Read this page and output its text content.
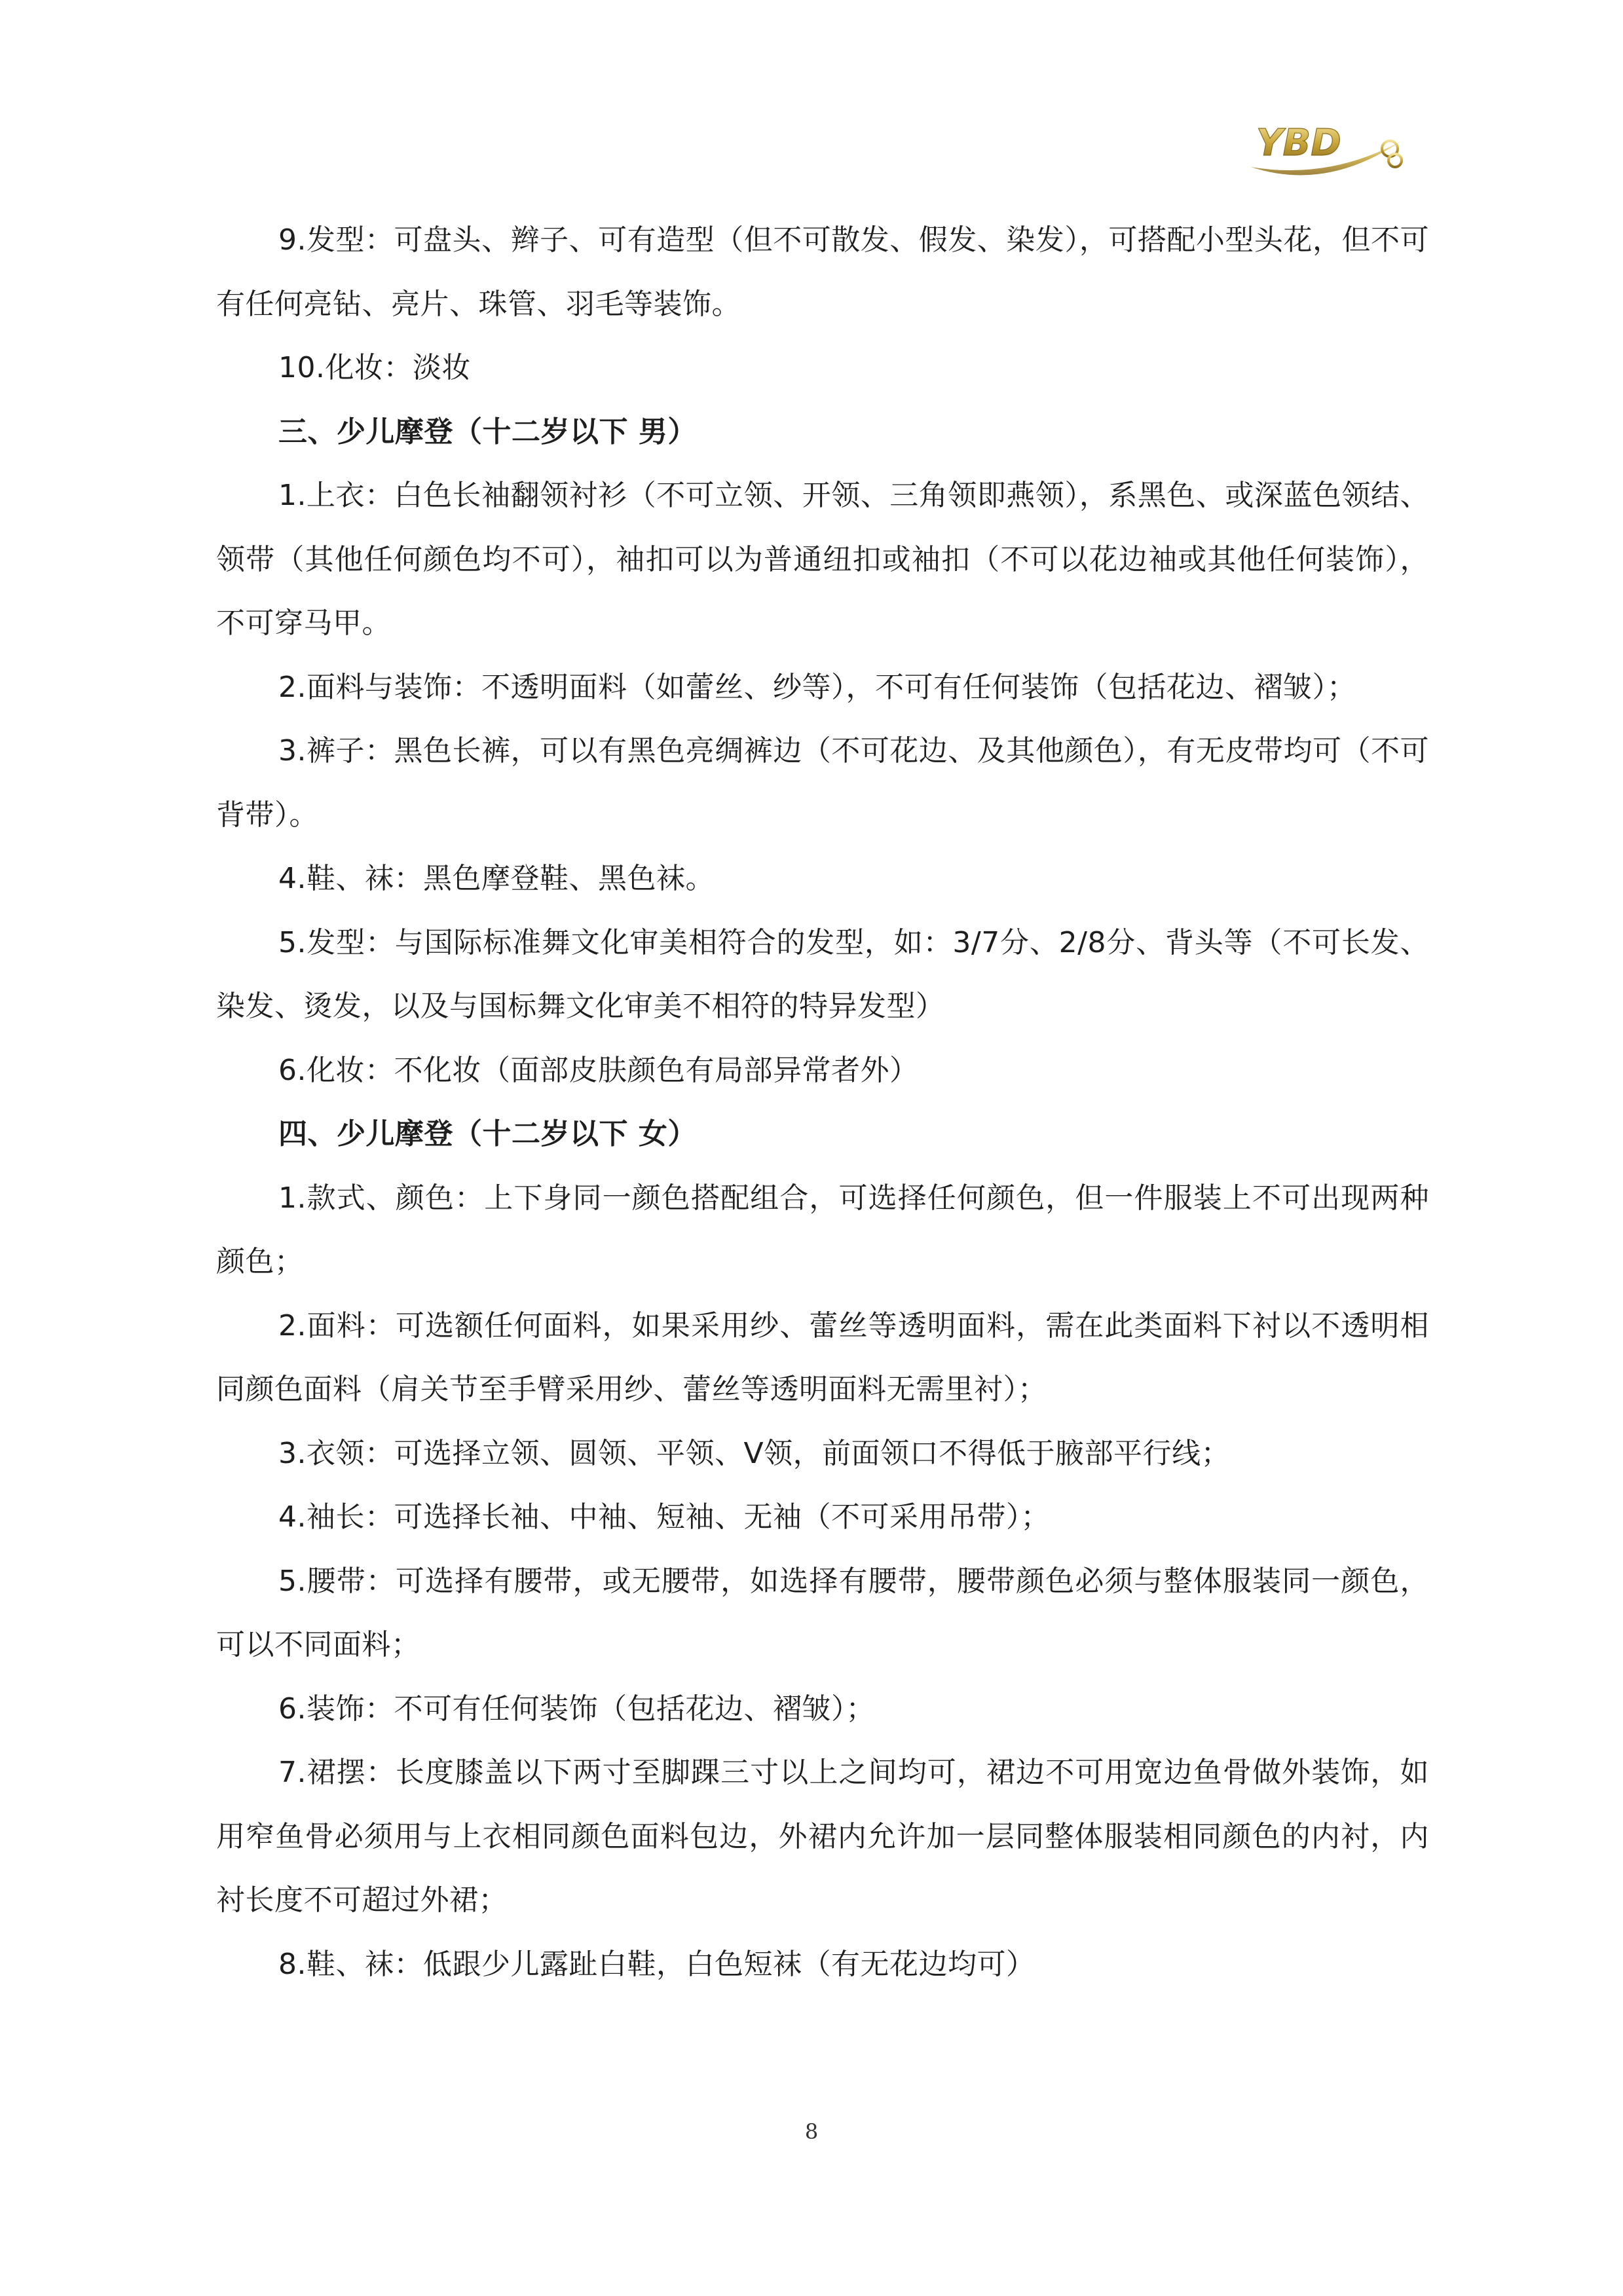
YBD

9.发型：可盘头、辫子、可有造型（但不可散发、假发、染发），可搭配小型头花，但不可有任何亮钻、亮片、珠管、羽毛等装饰。

10.化妆：淡妆

三、少儿摩登（十二岁以下 男）

1.上衣：白色长袖翻领衬衫（不可立领、开领、三角领即燕领），系黑色、或深蓝色领结、领带（其他任何颜色均不可），袖扣可以为普通纽扣或袖扣（不可以花边袖或其他任何装饰），不可穿马甲。

2.面料与装饰：不透明面料（如蕾丝、纱等），不可有任何装饰（包括花边、褶皱）；

3.裤子：黑色长裤，可以有黑色亮绸裤边（不可花边、及其他颜色），有无皮带均可（不可背带）。

4.鞋、袜：黑色摩登鞋、黑色袜。

5.发型：与国际标准舞文化审美相符合的发型，如：3/7分、2/8分、背头等（不可长发、染发、烫发，以及与国标舞文化审美不相符的特异发型）

6.化妆：不化妆（面部皮肤颜色有局部异常者外）

四、少儿摩登（十二岁以下 女）

1.款式、颜色：上下身同一颜色搭配组合，可选择任何颜色，但一件服装上不可出现两种颜色；

2.面料：可选额任何面料，如果采用纱、蕾丝等透明面料，需在此类面料下衬以不透明相同颜色面料（肩关节至手臂采用纱、蕾丝等透明面料无需里衬）；

3.衣领：可选择立领、圆领、平领、V领，前面领口不得低于腋部平行线；

4.袖长：可选择长袖、中袖、短袖、无袖（不可采用吊带）；

5.腰带：可选择有腰带，或无腰带，如选择有腰带，腰带颜色必须与整体服装同一颜色，可以不同面料；

6.装饰：不可有任何装饰（包括花边、褶皱）；

7.裙摆：长度膝盖以下两寸至脚踝三寸以上之间均可，裙边不可用宽边鱼骨做外装饰，如用窄鱼骨必须用与上衣相同颜色面料包边，外裙内允许加一层同整体服装相同颜色的内衬，内衬长度不可超过外裙；

8.鞋、袜：低跟少儿露趾白鞋，白色短袜（有无花边均可）

8
